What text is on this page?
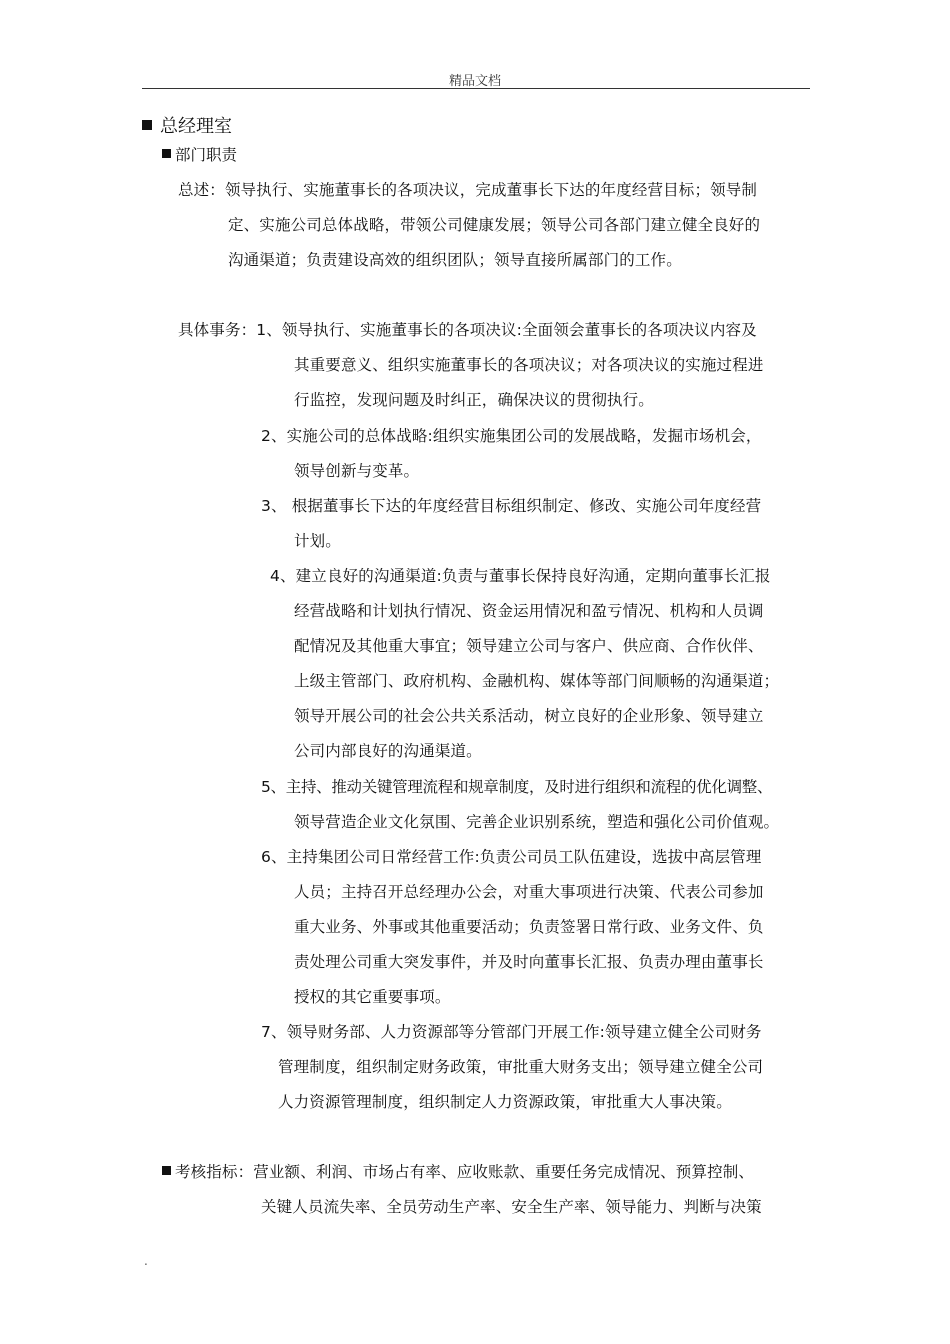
精品文档
总经理室
部门职责
总述：领导执行、实施董事长的各项决议，完成董事长下达的年度经营目标；领导制
定、实施公司总体战略，带领公司健康发展；领导公司各部门建立健全良好的
沟通渠道；负责建设高效的组织团队；领导直接所属部门的工作。
具体事务：1、领导执行、实施董事长的各项决议:全面领会董事长的各项决议内容及
其重要意义、组织实施董事长的各项决议；对各项决议的实施过程进
行监控，发现问题及时纠正，确保决议的贯彻执行。
2、实施公司的总体战略:组织实施集团公司的发展战略，发掘市场机会，
领导创新与变革。
3、 根据董事长下达的年度经营目标组织制定、修改、实施公司年度经营
计划。
4、建立良好的沟通渠道:负责与董事长保持良好沟通，定期向董事长汇报
经营战略和计划执行情况、资金运用情况和盈亏情况、机构和人员调
配情况及其他重大事宜；领导建立公司与客户、供应商、合作伙伴、
上级主管部门、政府机构、金融机构、媒体等部门间顺畅的沟通渠道；
领导开展公司的社会公共关系活动，树立良好的企业形象、领导建立
公司内部良好的沟通渠道。
5、主持、推动关键管理流程和规章制度，及时进行组织和流程的优化调整、
领导营造企业文化氛围、完善企业识别系统，塑造和强化公司价值观。
6、主持集团公司日常经营工作:负责公司员工队伍建设，选拔中高层管理
人员；主持召开总经理办公会，对重大事项进行决策、代表公司参加
重大业务、外事或其他重要活动；负责签署日常行政、业务文件、负
责处理公司重大突发事件，并及时向董事长汇报、负责办理由董事长
授权的其它重要事项。
7、领导财务部、人力资源部等分管部门开展工作:领导建立健全公司财务
管理制度，组织制定财务政策，审批重大财务支出；领导建立健全公司
人力资源管理制度，组织制定人力资源政策，审批重大人事决策。
考核指标：营业额、利润、市场占有率、应收账款、重要任务完成情况、预算控制、
关键人员流失率、全员劳动生产率、安全生产率、领导能力、判断与决策
.
